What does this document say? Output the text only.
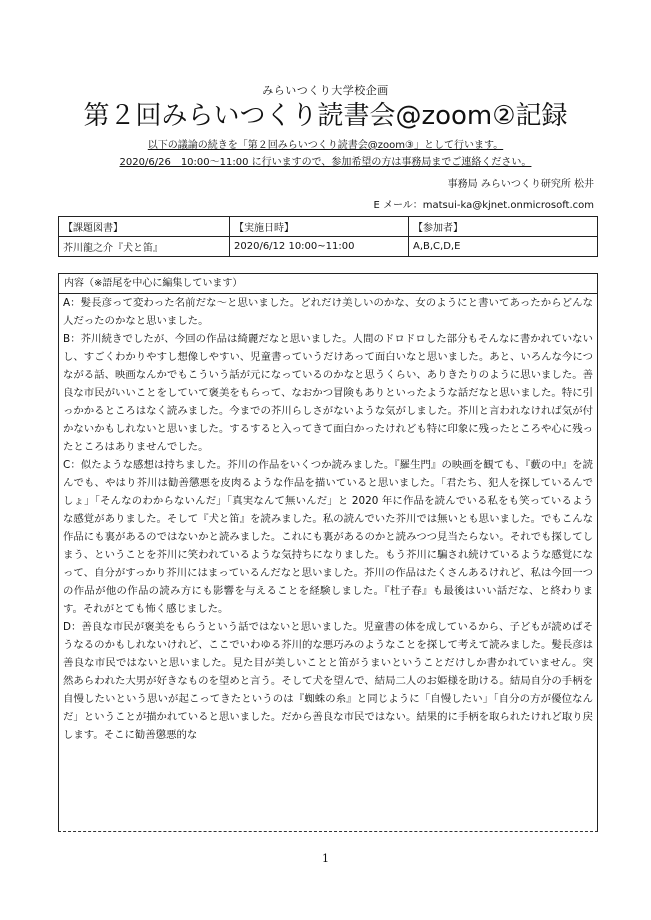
みらいつくり大学校企画
第２回みらいつくり読書会@zoom②記録
以下の議論の続きを「第２回みらいつくり読書会@zoom③」として行います。
2020/6/26　10:00～11:00 に行いますので、参加希望の方は事務局までご連絡ください。
事務局 みらいつくり研究所 松井
E メール：matsui-ka@kjnet.onmicrosoft.com
【課題図書】	【実施日時】	【参加者】
芥川龍之介『犬と笛』	2020/6/12 10:00~11:00	A,B,C,D,E
内容（※語尾を中心に編集しています）

A：髪長彦って変わった名前だな～と思いました。どれだけ美しいのかな、女のようにと書いてあったからどんな人だったのかなと思いました。

B：芥川続きでしたが、今回の作品は綺麗だなと思いました。人間のドロドロした部分もそんなに書かれていないし、すごくわかりやすし想像しやすい、児童書っていうだけあって面白いなと思いました。あと、いろんな今につながる話、映画なんかでもこういう話が元になっているのかなと思うくらい、ありきたりのように思いました。善良な市民がいいことをしていて褒美をもらって、なおかつ冒険もありといったような話だなと思いました。特に引っかかるところはなく読みました。今までの芥川らしさがないような気がしました。芥川と言われなければ気が付かないかもしれないと思いました。するすると入ってきて面白かったけれども特に印象に残ったところや心に残ったところはありませんでした。

C：似たような感想は持ちました。芥川の作品をいくつか読みました。『羅生門』の映画を観ても、『藪の中』を読んでも、やはり芥川は勧善懲悪を皮肉るような作品を描いていると思いました。「君たち、犯人を探しているんでしょ」「そんなのわからないんだ」「真実なんて無いんだ」と 2020 年に作品を読んでいる私をも笑っているような感覚がありました。そして『犬と笛』を読みました。私の読んでいた芥川では無いとも思いました。でもこんな作品にも裏があるのではないかと読みました。これにも裏があるのかと読みつつ見当たらない。それでも探してしまう、ということを芥川に笑われているような気持ちになりました。もう芥川に騙され続けているような感覚になって、自分がすっかり芥川にはまっているんだなと思いました。芥川の作品はたくさんあるけれど、私は今回一つの作品が他の作品の読み方にも影響を与えることを経験しました。『杜子春』も最後はいい話だな、と終わります。それがとても怖く感じました。

D：善良な市民が褒美をもらうという話ではないと思いました。児童書の体を成しているから、子どもが読めばそうなるのかもしれないけれど、ここでいわゆる芥川的な悪巧みのようなことを探して考えて読みました。髪長彦は善良な市民ではないと思いました。見た目が美しいことと笛がうまいということだけしか書かれていません。突然あらわれた大男が好きなものを望めと言う。そして犬を望んで、結局二人のお姫様を助ける。結局自分の手柄を自慢したいという思いが起こってきたというのは『蜘蛛の糸』と同じように「自慢したい」「自分の方が優位なんだ」ということが描かれていると思いました。だから善良な市民ではない。結果的に手柄を取られたけれど取り戻します。そこに勧善懲悪的な

1
